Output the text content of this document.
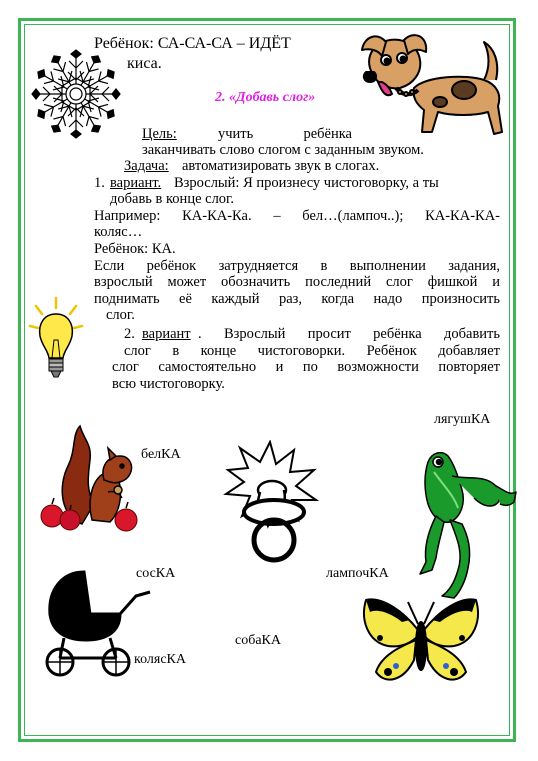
Ребёнок: СА-СА-СА – ИДЁТ
киса.
2. «Добавь слог»
Цель:	учить ребёнка
заканчивать слово слогом с заданным звуком.
Задача: автоматизировать звук в слогах.
1. вариант. Взрослый: Я произнесу чистоговорку, а ты
добавь в конце слог.
Например: КА-КА-Ка. – бел…(лампоч..); КА-КА-КА-
коляс…
Ребёнок: КА.
Если ребёнок затрудняется в выполнении задания,
взрослый может обозначить последний слог фишкой и
поднимать её каждый раз, когда надо произносить
слог.
2. вариант . Взрослый просит ребёнка добавить
слог в конце чистоговорки. Ребёнок добавляет
слог самостоятельно и по возможности повторяет
всю чистоговорку.
лягушКА
белКА
сосКА	лампочКА
собаКА
колясКА
